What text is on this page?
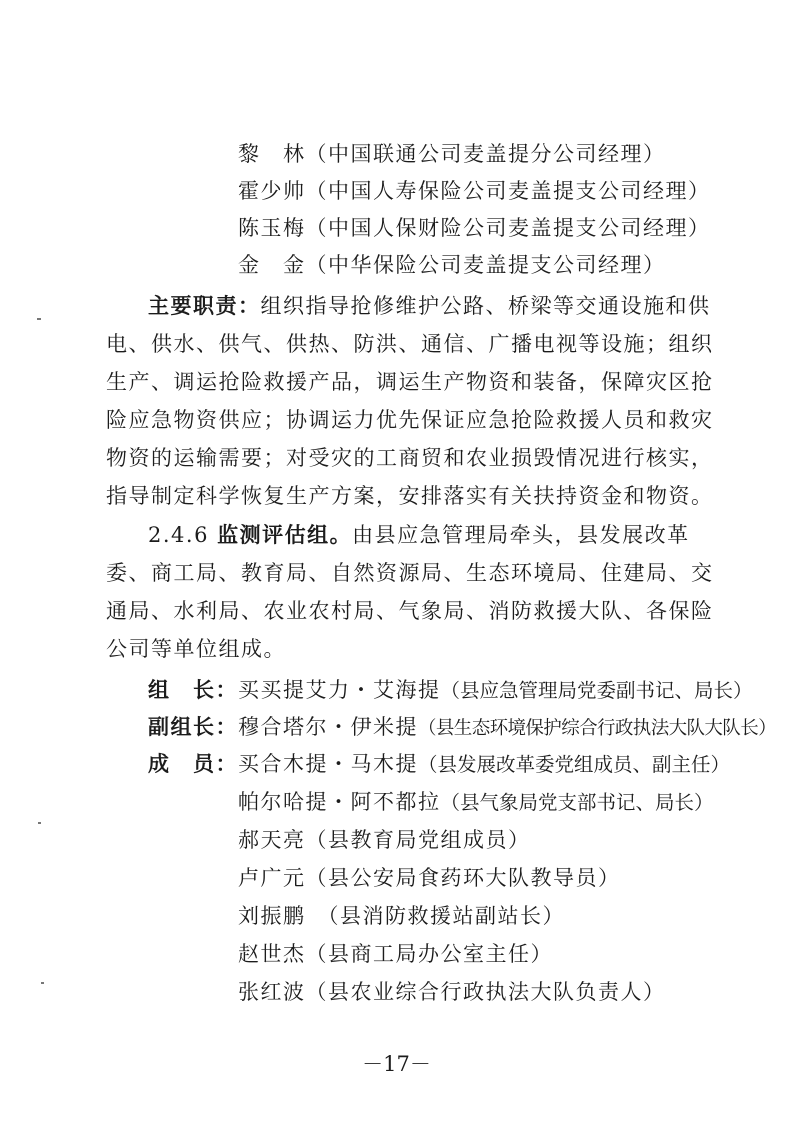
黎　林（中国联通公司麦盖提分公司经理）
霍少帅（中国人寿保险公司麦盖提支公司经理）
陈玉梅（中国人保财险公司麦盖提支公司经理）
金　金（中华保险公司麦盖提支公司经理）
主要职责：组织指导抢修维护公路、桥梁等交通设施和供
电、供水、供气、供热、防洪、通信、广播电视等设施；组织
生产、调运抢险救援产品，调运生产物资和装备，保障灾区抢
险应急物资供应；协调运力优先保证应急抢险救援人员和救灾
物资的运输需要；对受灾的工商贸和农业损毁情况进行核实，
指导制定科学恢复生产方案，安排落实有关扶持资金和物资。
2.4.6 监测评估组。由县应急管理局牵头，县发展改革
委、商工局、教育局、自然资源局、生态环境局、住建局、交
通局、水利局、农业农村局、气象局、消防救援大队、各保险
公司等单位组成。
组　长：买买提艾力・艾海提（县应急管理局党委副书记、局长）
副组长：穆合塔尔・伊米提（县生态环境保护综合行政执法大队大队长）
成　员：买合木提・马木提（县发展改革委党组成员、副主任）
帕尔哈提・阿不都拉（县气象局党支部书记、局长）
郝天亮（县教育局党组成员）
卢广元（县公安局食药环大队教导员）
刘振鹏　（县消防救援站副站长）
赵世杰（县商工局办公室主任）
张红波（县农业综合行政执法大队负责人）
－17－
